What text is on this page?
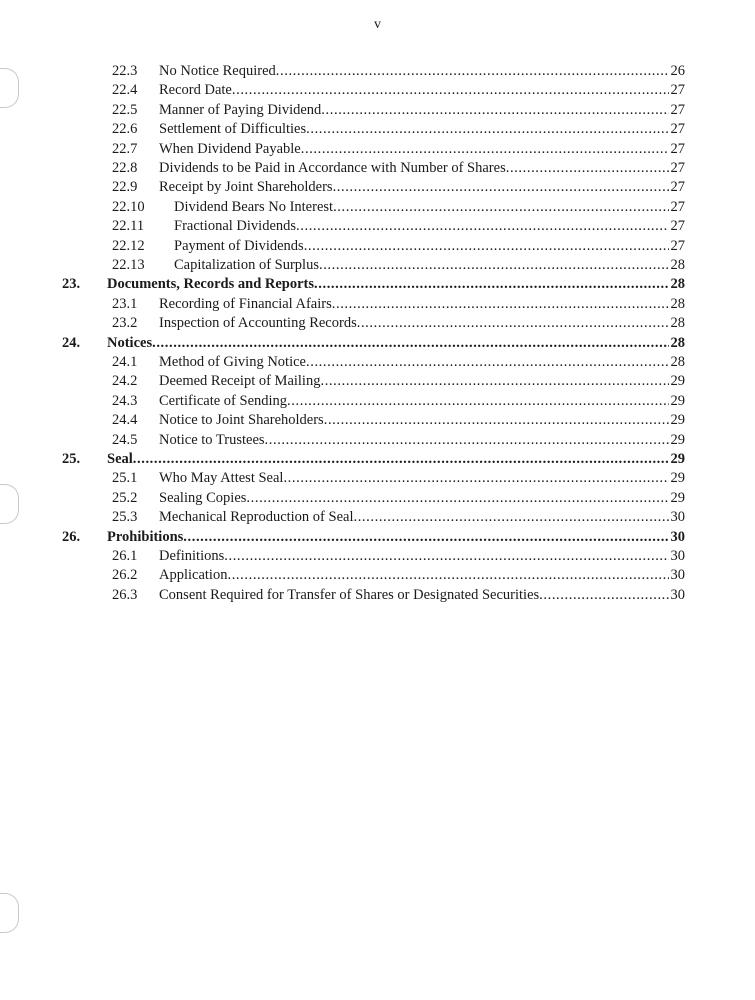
v
22.3 No Notice Required .....	26
22.4 Record Date .....	27
22.5 Manner of Paying Dividend .....	27
22.6 Settlement of Difficulties .....	27
22.7 When Dividend Payable .....	27
22.8 Dividends to be Paid in Accordance with Number of Shares .....	27
22.9 Receipt by Joint Shareholders .....	27
22.10 Dividend Bears No Interest .....	27
22.11 Fractional Dividends .....	27
22.12 Payment of Dividends .....	27
22.13 Capitalization of Surplus .....	28
23. Documents, Records and Reports .....	28
23.1 Recording of Financial Afairs .....	28
23.2 Inspection of Accounting Records .....	28
24. Notices .....	28
24.1 Method of Giving Notice .....	28
24.2 Deemed Receipt of Mailing .....	29
24.3 Certificate of Sending .....	29
24.4 Notice to Joint Shareholders .....	29
24.5 Notice to Trustees .....	29
25. Seal .....	29
25.1 Who May Attest Seal .....	29
25.2 Sealing Copies .....	29
25.3 Mechanical Reproduction of Seal .....	30
26. Prohibitions .....	30
26.1 Definitions .....	30
26.2 Application .....	30
26.3 Consent Required for Transfer of Shares or Designated Securities .....	30
